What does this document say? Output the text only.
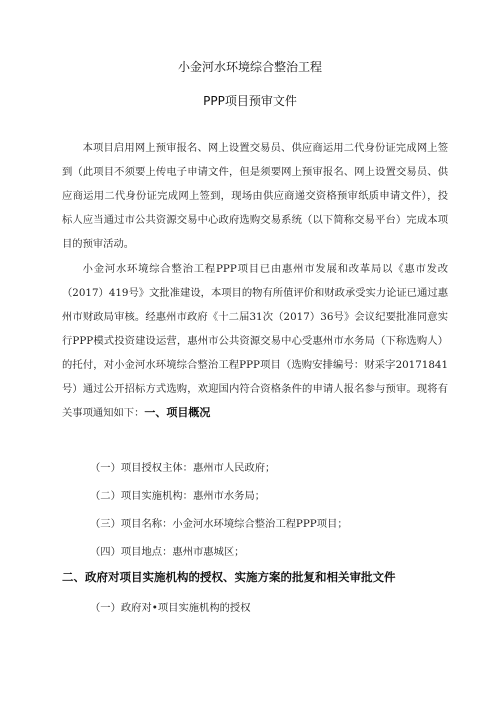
小金河水环境综合整治工程
PPP项目预审文件

本项目启用网上预审报名、网上设置交易员、供应商运用二代身份证完成网上签到（此项目不须要上传电子申请文件，但是须要网上预审报名、网上设置交易员、供应商运用二代身份证完成网上签到，现场由供应商递交资格预审纸质申请文件），投标人应当通过市公共资源交易中心政府选购交易系统（以下简称交易平台）完成本项目的预审活动。

小金河水环境综合整治工程PPP项目已由惠州市发展和改革局以《惠市发改（2017）419号》文批准建设，本项目的物有所值评价和财政承受实力论证已通过惠州市财政局审核。经惠州市政府《十二届31次（2017）36号》会议纪要批准同意实行PPP模式投资建设运营，惠州市公共资源交易中心受惠州市水务局（下称选购人）的托付，对小金河水环境综合整治工程PPP项目（选购安排编号：财采字20171841号）通过公开招标方式选购，欢迎国内符合资格条件的申请人报名参与预审。现将有关事项通知如下：一、项目概况

（一）项目授权主体：惠州市人民政府；
（二）项目实施机构：惠州市水务局；
（三）项目名称：小金河水环境综合整治工程PPP项目；
（四）项目地点：惠州市惠城区；
二、政府对项目实施机构的授权、实施方案的批复和相关审批文件
（一）政府对•项目实施机构的授权
